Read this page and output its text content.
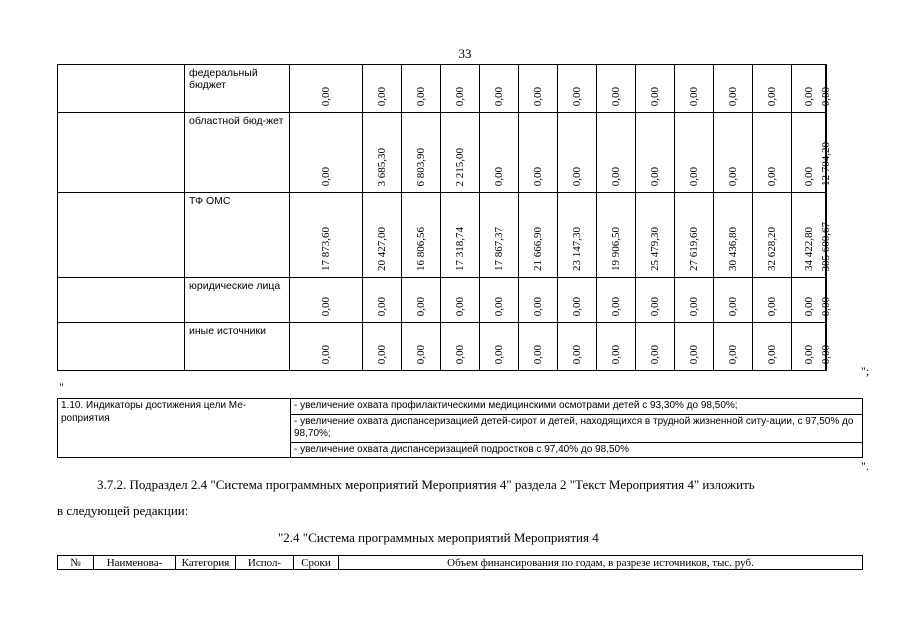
33
	федеральный бюджет	0,00	0,00	0,00	0,00	0,00	0,00	0,00	0,00	0,00	0,00	0,00	0,00	0,00	0,00

	областной бюд-жет	0,00	3 685,30	6 803,90	2 215,00	0,00	0,00	0,00	0,00	0,00	0,00	0,00	0,00	0,00	12 704,20

	ТФ ОМС	17 873,60	20 427,00	16 806,56	17 318,74	17 867,37	21 666,90	23 147,30	19 906,50	25 479,30	27 619,60	30 436,80	32 628,20	34 422,80	305 600,67

	юридические лица	0,00	0,00	0,00	0,00	0,00	0,00	0,00	0,00	0,00	0,00	0,00	0,00	0,00	0,00

	иные источники	0,00	0,00	0,00	0,00	0,00	0,00	0,00	0,00	0,00	0,00	0,00	0,00	0,00	0,00
";
"
1.10. Индикаторы достижения цели Ме-роприятия	
- увеличение охвата профилактическими медицинскими осмотрами детей с 93,30% до 98,50%;
- увеличение охвата диспансеризацией детей-сирот и детей, находящихся в трудной жизненной ситу-ации, с 97,50% до 98,70%;
- увеличение охвата диспансеризацией подростков с 97,40% до 98,50%
".
3.7.2. Подраздел 2.4 "Система программных мероприятий Мероприятия 4" раздела 2 "Текст Мероприятия 4" изложить
в следующей редакции:
"2.4 "Система программных мероприятий Мероприятия 4
№	Наименова-	Категория	Испол-	Сроки	Объем финансирования по годам, в разрезе источников, тыс. руб.
